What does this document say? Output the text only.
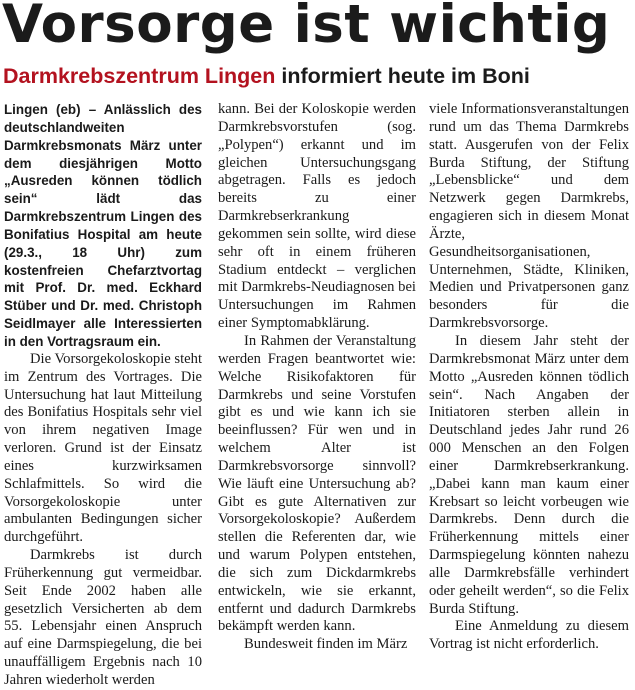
Vorsorge ist wichtig
Darmkrebszentrum Lingen informiert heute im Boni

Lingen (eb) – Anlässlich des deutschlandweiten Darmkrebsmonats März unter dem diesjährigen Motto „Ausreden können tödlich sein“ lädt das Darmkrebszentrum Lingen des Bonifatius Hospital am heute (29.3., 18 Uhr) zum kostenfreien Chefarztvortag mit Prof. Dr. med. Eckhard Stüber und Dr. med. Christoph Seidlmayer alle Interessierten in den Vortragsraum ein.

Die Vorsorgekoloskopie steht im Zentrum des Vortrages. Die Untersuchung hat laut Mitteilung des Bonifatius Hospitals sehr viel von ihrem negativen Image verloren. Grund ist der Einsatz eines kurzwirksamen Schlafmittels. So wird die Vorsorgekoloskopie unter ambulanten Bedingungen sicher durchgeführt.

Darmkrebs ist durch Früherkennung gut vermeidbar. Seit Ende 2002 haben alle gesetzlich Versicherten ab dem 55. Lebensjahr einen Anspruch auf eine Darmspiegelung, die bei unauffälligem Ergebnis nach 10 Jahren wiederholt werden

kann. Bei der Koloskopie werden Darmkrebsvorstufen (sog. „Polypen“) erkannt und im gleichen Untersuchungsgang abgetragen. Falls es jedoch bereits zu einer Darmkrebserkrankung gekommen sein sollte, wird diese sehr oft in einem früheren Stadium entdeckt – verglichen mit Darmkrebs-Neudiagnosen bei Untersuchungen im Rahmen einer Symptomabklärung.

In Rahmen der Veranstaltung werden Fragen beantwortet wie: Welche Risikofaktoren für Darmkrebs und seine Vorstufen gibt es und wie kann ich sie beeinflussen? Für wen und in welchem Alter ist Darmkrebsvorsorge sinnvoll? Wie läuft eine Untersuchung ab? Gibt es gute Alternativen zur Vorsorgekoloskopie? Außerdem stellen die Referenten dar, wie und warum Polypen entstehen, die sich zum Dickdarmkrebs entwickeln, wie sie erkannt, entfernt und dadurch Darmkrebs bekämpft werden kann.

Bundesweit finden im März

viele Informationsveranstaltungen rund um das Thema Darmkrebs statt. Ausgerufen von der Felix Burda Stiftung, der Stiftung „Lebensblicke“ und dem Netzwerk gegen Darmkrebs, engagieren sich in diesem Monat Ärzte, Gesundheitsorganisationen, Unternehmen, Städte, Kliniken, Medien und Privatpersonen ganz besonders für die Darmkrebsvorsorge.

In diesem Jahr steht der Darmkrebsmonat März unter dem Motto „Ausreden können tödlich sein“. Nach Angaben der Initiatoren sterben allein in Deutschland jedes Jahr rund 26 000 Menschen an den Folgen einer Darmkrebserkrankung. „Dabei kann man kaum einer Krebsart so leicht vorbeugen wie Darmkrebs. Denn durch die Früherkennung mittels einer Darmspiegelung könnten nahezu alle Darmkrebsfälle verhindert oder geheilt werden“, so die Felix Burda Stiftung.

Eine Anmeldung zu diesem Vortrag ist nicht erforderlich.
